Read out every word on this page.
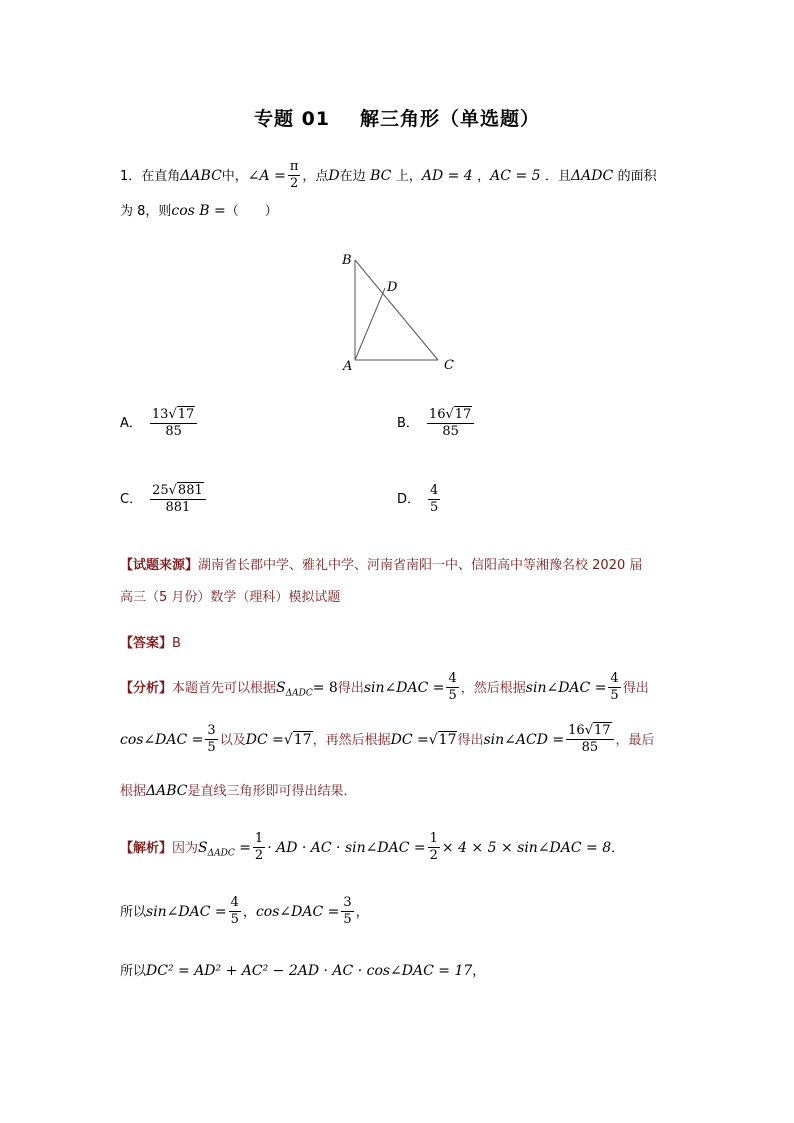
专题 01 解三角形（单选题）
1．在直角ΔABC中，∠A = $\frac{\pi}{2}$ ，点D在边 BC 上，AD = 4 ，AC = 5 ．且ΔADC 的面积
为 8，则cos B =（　　）
B
D
A	C
A． $\frac{13√17}{85}$	B． $\frac{16√17}{85}$
C． $\frac{25√881}{881}$	D． $\frac{4}{5}$
【试题来源】湖南省长郡中学、雅礼中学、河南省南阳一中、信阳高中等湘豫名校 2020 届
高三（5 月份）数学（理科）模拟试题
【答案】B
【分析】本题首先可以根据$S_{\Delta ADC}= 8$得出sin∠DAC = $\frac{4}{5}$ ，然后根据sin∠DAC = $\frac{4}{5}$ 得出
cos∠DAC = $\frac{3}{5}$ 以及DC =√17，再然后根据DC =√17得出sin∠ACD = $\frac{16√17}{85}$ ，最后
根据ΔABC是直线三角形即可得出结果．
【解析】因为$S_{\Delta ADC} = \frac{1}{2}$ · AD · AC · sin∠DAC = $\frac{1}{2} \times 4 \times 5$ × sin∠DAC = 8．
所以sin∠DAC = $\frac{4}{5}$ ，cos∠DAC = $\frac{3}{5}$ ，
所以DC² = AD² + AC² − 2AD · AC · cos∠DAC = 17，
